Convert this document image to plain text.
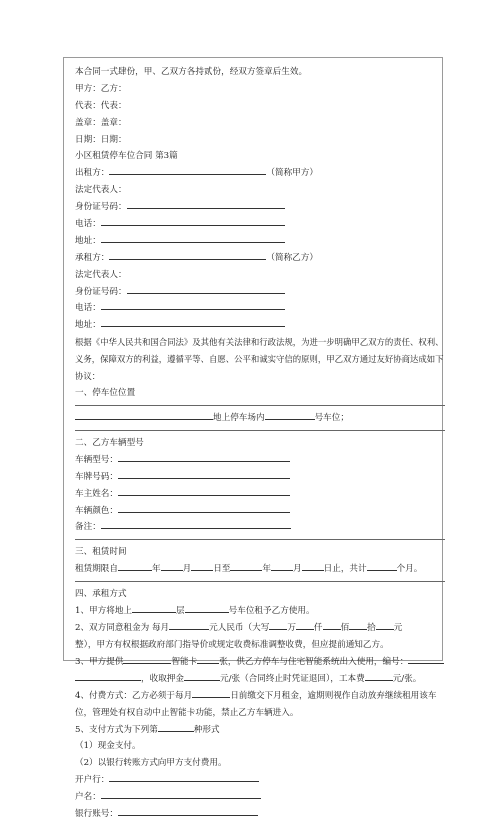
本合同一式肆份，甲、乙双方各持贰份，经双方签章后生效。
甲方：乙方：
代表：代表：
盖章：盖章：
日期：日期：
小区租赁停车位合同 第3篇
出租方：	（简称甲方）
法定代表人：
身份证号码：
电话：
地址：
承租方：	（简称乙方）
法定代表人：
身份证号码：
电话：
地址：
根据《中华人民共和国合同法》及其他有关法律和行政法规，为进一步明确甲乙双方的责任、权利、义务，保障双方的利益，遵循平等、自愿、公平和诚实守信的原则，甲乙双方通过友好协商达成如下协议：
一、停车位位置
地上停车场内	号车位；
二、乙方车辆型号
车辆型号：
车牌号码：
车主姓名：
车辆颜色：
备注：
三、租赁时间
租赁期限自	年	月	日至	年	月	日止，共计	个月。
四、承租方式
1、甲方将地上	层	号车位租予乙方使用。
2、双方同意租金为 每月	元人民币（大写 万 仟 佰 拾 元
整），甲方有权根据政府部门指导价或规定收费标准调整收费，但应提前通知乙方。
3、甲方提供	智能卡	张，供乙方停车与住宅智能系统出入使用，编号：
，收取押金	元/张（合同终止时凭证退回），工本费	元/张。
4、付费方式：乙方必须于每月	日前缴交下月租金，逾期则视作自动放弃继续租用该车位，管理处有权自动中止智能卡功能，禁止乙方车辆进入。
5、支付方式为下列第	种形式
（1）现金支付。
（2）以银行转账方式向甲方支付费用。
开户行：
户名：
银行账号：
